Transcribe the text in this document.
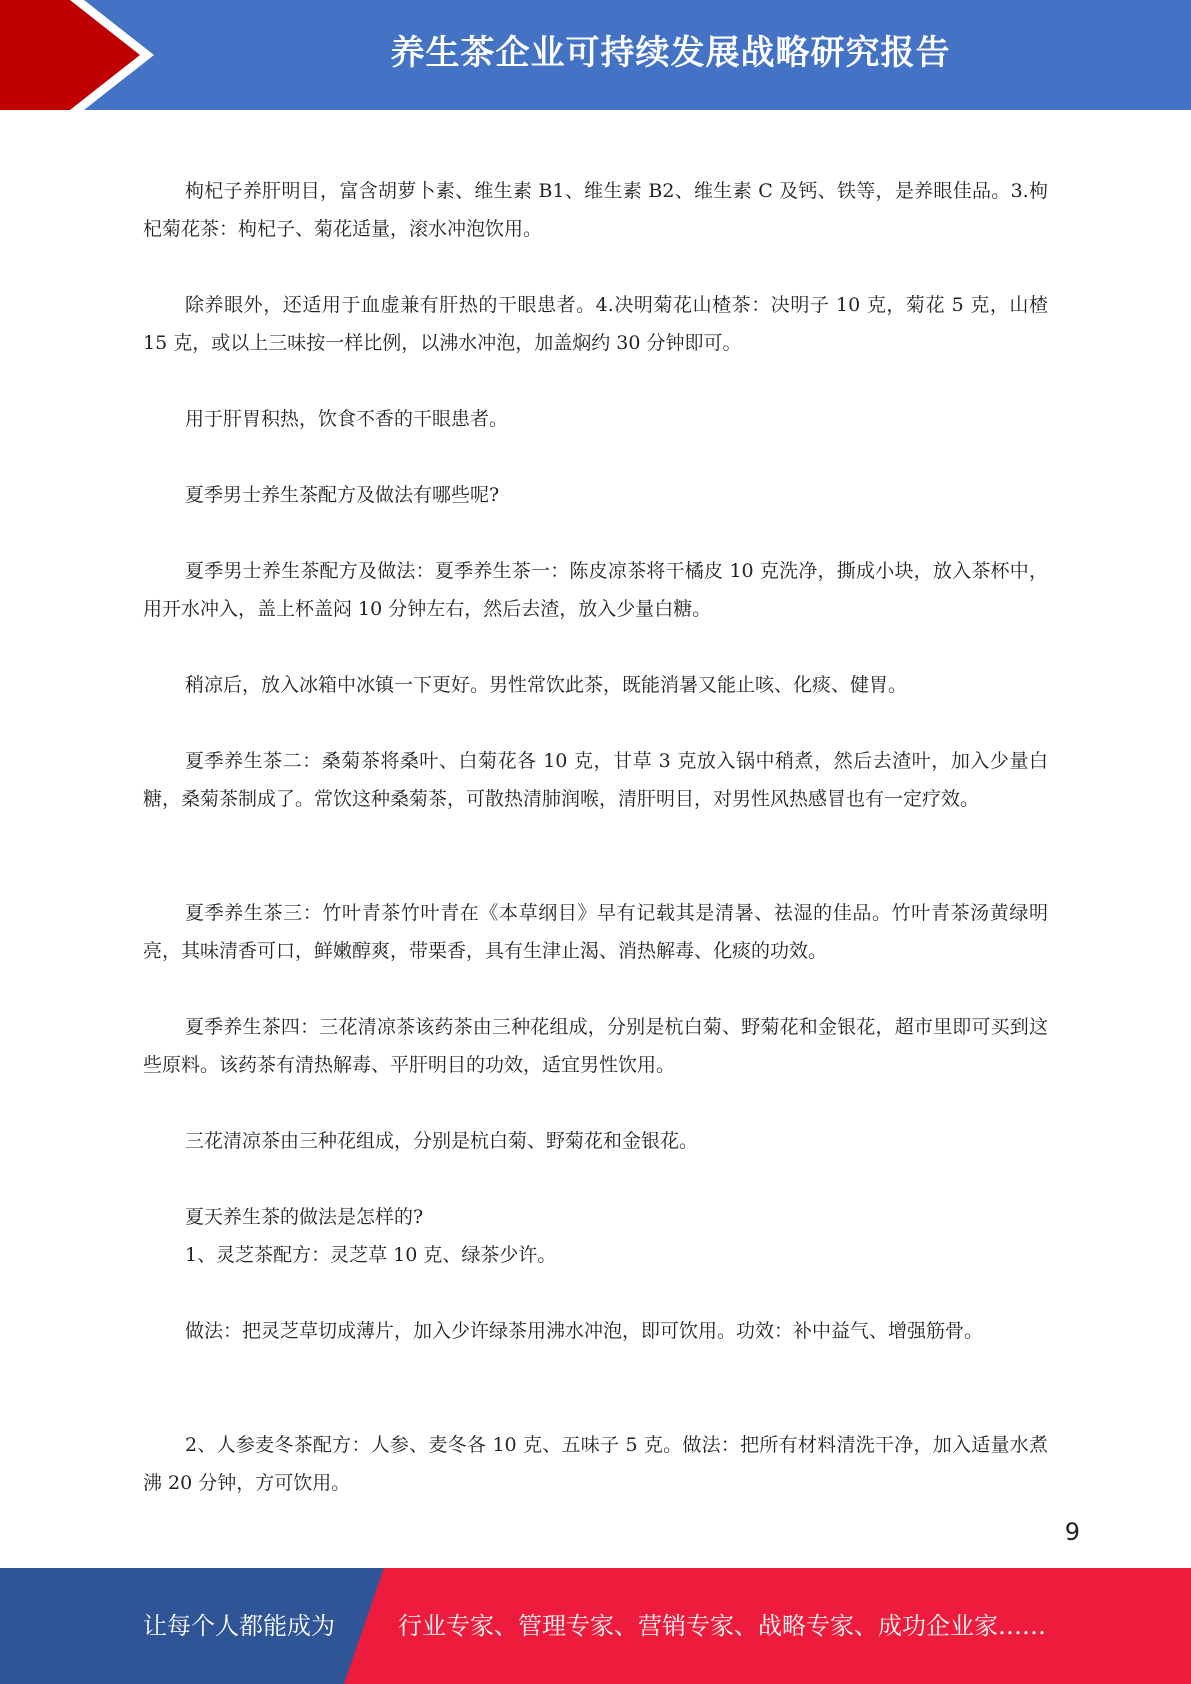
养生茶企业可持续发展战略研究报告

枸杞子养肝明目，富含胡萝卜素、维生素 B1、维生素 B2、维生素 C 及钙、铁等，是养眼佳品。3.枸杞菊花茶：枸杞子、菊花适量，滚水冲泡饮用。

除养眼外，还适用于血虚兼有肝热的干眼患者。4.决明菊花山楂茶：决明子 10 克，菊花 5 克，山楂 15 克，或以上三味按一样比例，以沸水冲泡，加盖焖约 30 分钟即可。

用于肝胃积热，饮食不香的干眼患者。

夏季男士养生茶配方及做法有哪些呢?

夏季男士养生茶配方及做法：夏季养生茶一：陈皮凉茶将干橘皮 10 克洗净，撕成小块，放入茶杯中，用开水冲入，盖上杯盖闷 10 分钟左右，然后去渣，放入少量白糖。

稍凉后，放入冰箱中冰镇一下更好。男性常饮此茶，既能消暑又能止咳、化痰、健胃。

夏季养生茶二：桑菊茶将桑叶、白菊花各 10 克，甘草 3 克放入锅中稍煮，然后去渣叶，加入少量白糖，桑菊茶制成了。常饮这种桑菊茶，可散热清肺润喉，清肝明目，对男性风热感冒也有一定疗效。

夏季养生茶三：竹叶青茶竹叶青在《本草纲目》早有记载其是清暑、祛湿的佳品。竹叶青茶汤黄绿明亮，其味清香可口，鲜嫩醇爽，带栗香，具有生津止渴、消热解毒、化痰的功效。

夏季养生茶四：三花清凉茶该药茶由三种花组成，分别是杭白菊、野菊花和金银花，超市里即可买到这些原料。该药茶有清热解毒、平肝明目的功效，适宜男性饮用。

三花清凉茶由三种花组成，分别是杭白菊、野菊花和金银花。

夏天养生茶的做法是怎样的?

1、灵芝茶配方：灵芝草 10 克、绿茶少许。

做法：把灵芝草切成薄片，加入少许绿茶用沸水冲泡，即可饮用。功效：补中益气、增强筋骨。

2、人参麦冬茶配方：人参、麦冬各 10 克、五味子 5 克。做法：把所有材料清洗干净，加入适量水煮沸 20 分钟，方可饮用。

9
让每个人都能成为	行业专家、管理专家、营销专家、战略专家、成功企业家……
